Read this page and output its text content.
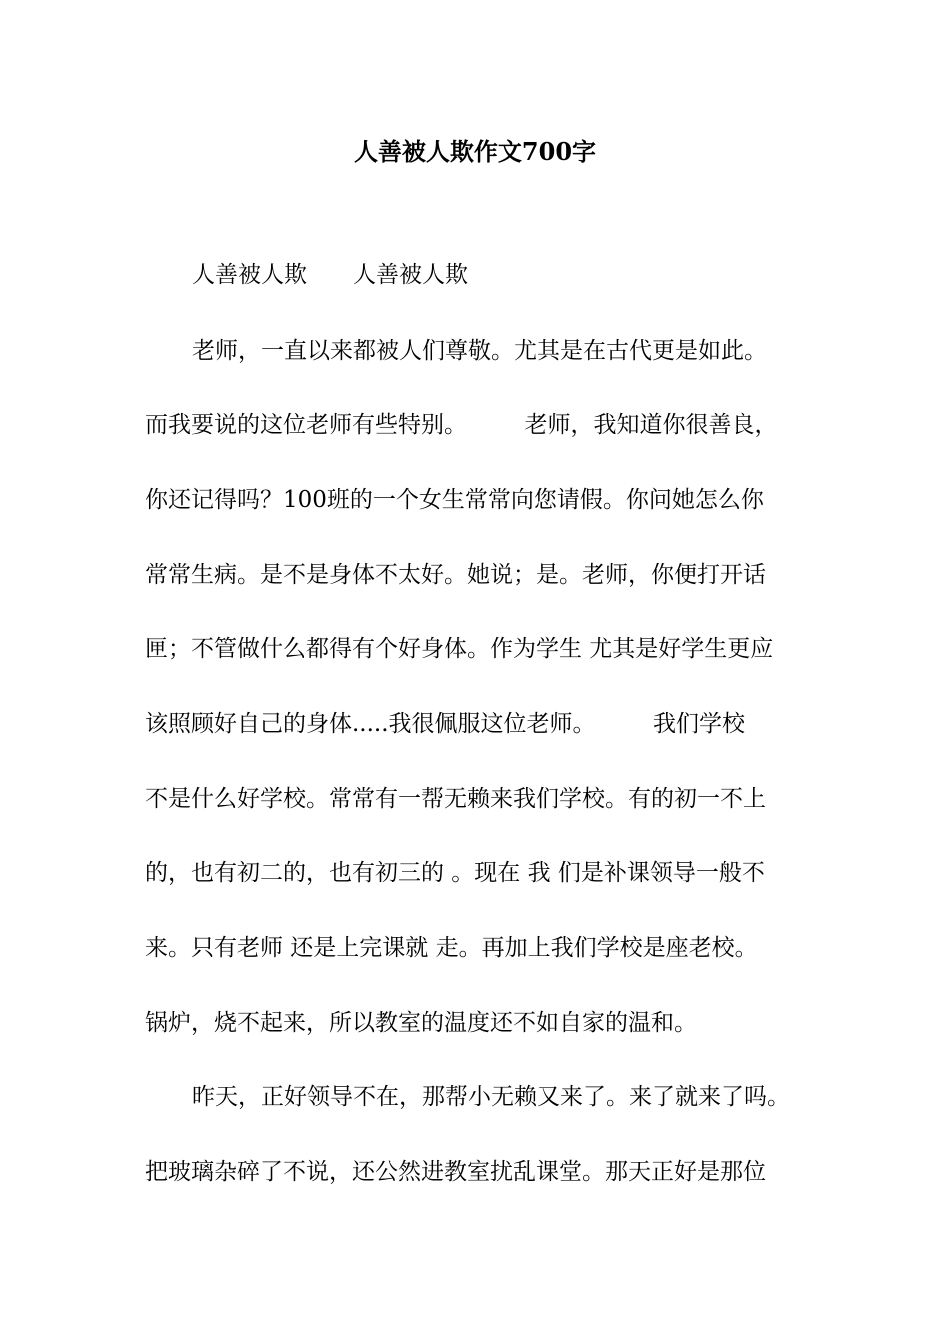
人善被人欺作文700字
人善被人欺　　人善被人欺
老师，一直以来都被人们尊敬。尤其是在古代更是如此。
而我要说的这位老师有些特别。　　　老师，我知道你很善良，
你还记得吗？100班的一个女生常常向您请假。你问她怎么你
常常生病。是不是身体不太好。她说；是。老师，你便打开话
匣；不管做什么都得有个好身体。作为学生 尤其是好学生更应
该照顾好自己的身体.....我很佩服这位老师。　　　我们学校
不是什么好学校。常常有一帮无赖来我们学校。有的初一不上
的，也有初二的，也有初三的 。现在 我 们是补课领导一般不
来。只有老师 还是上完课就 走。再加上我们学校是座老校。
锅炉，烧不起来，所以教室的温度还不如自家的温和。
昨天，正好领导不在，那帮小无赖又来了。来了就来了吗。
把玻璃杂碎了不说，还公然进教室扰乱课堂。那天正好是那位
